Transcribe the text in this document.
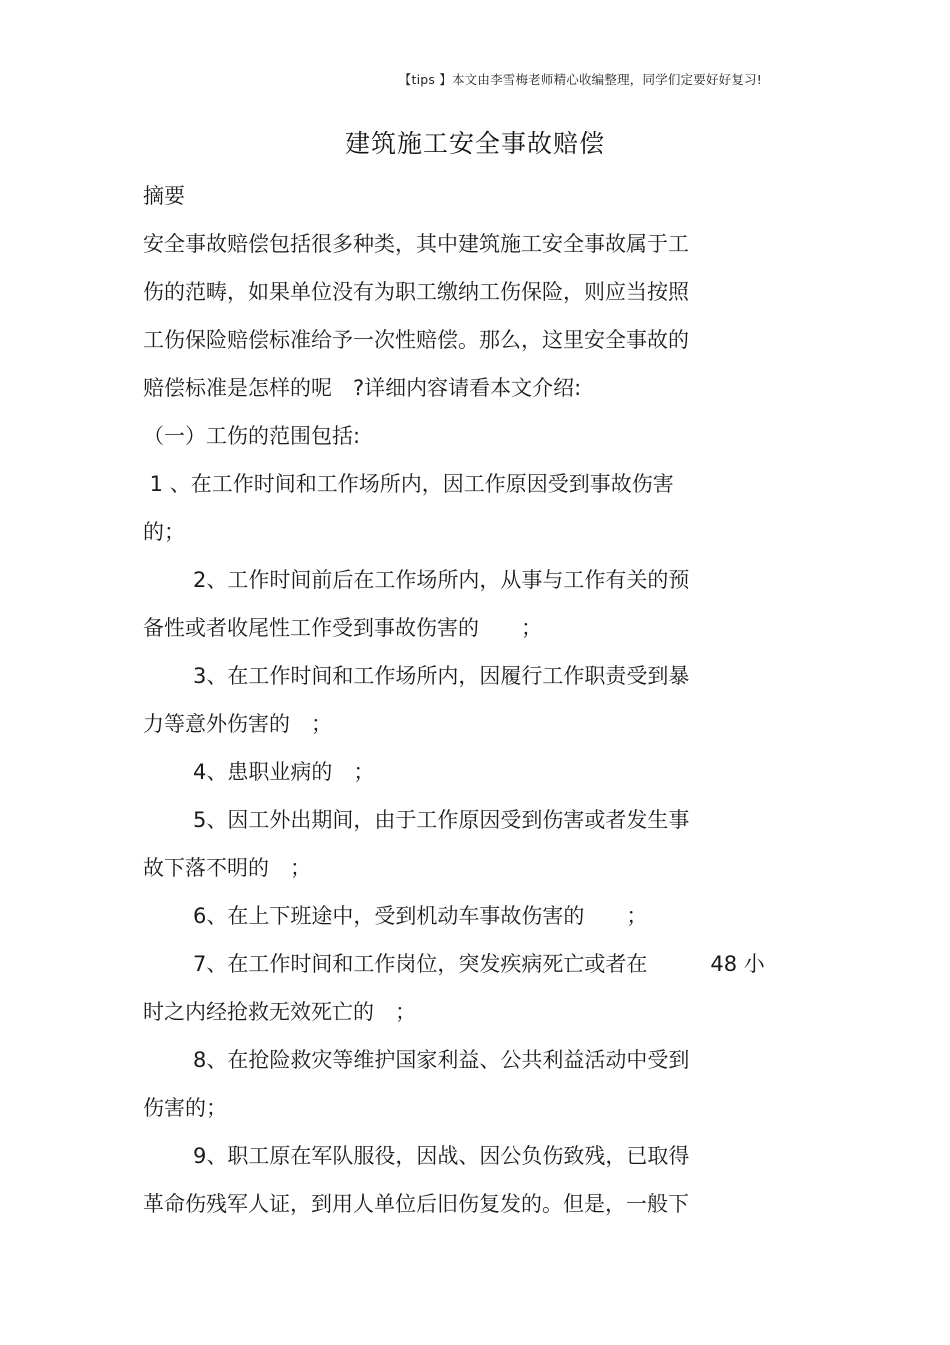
【tips 】本文由李雪梅老师精心收编整理，同学们定要好好复习!
建筑施工安全事故赔偿
摘要
安全事故赔偿包括很多种类，其中建筑施工安全事故属于工
伤的范畴，如果单位没有为职工缴纳工伤保险，则应当按照
工伤保险赔偿标准给予一次性赔偿。那么，这里安全事故的
赔偿标准是怎样的呢　?详细内容请看本文介绍:
（一）工伤的范围包括:
1 、在工作时间和工作场所内，因工作原因受到事故伤害
的；
2、工作时间前后在工作场所内，从事与工作有关的预
备性或者收尾性工作受到事故伤害的　　；
3、在工作时间和工作场所内，因履行工作职责受到暴
力等意外伤害的　；
4、患职业病的　；
5、因工外出期间，由于工作原因受到伤害或者发生事
故下落不明的　；
6、在上下班途中，受到机动车事故伤害的　　；
7、在工作时间和工作岗位，突发疾病死亡或者在　　　48 小
时之内经抢救无效死亡的　；
8、在抢险救灾等维护国家利益、公共利益活动中受到
伤害的；
9、职工原在军队服役，因战、因公负伤致残，已取得
革命伤残军人证，到用人单位后旧伤复发的。但是，一般下
